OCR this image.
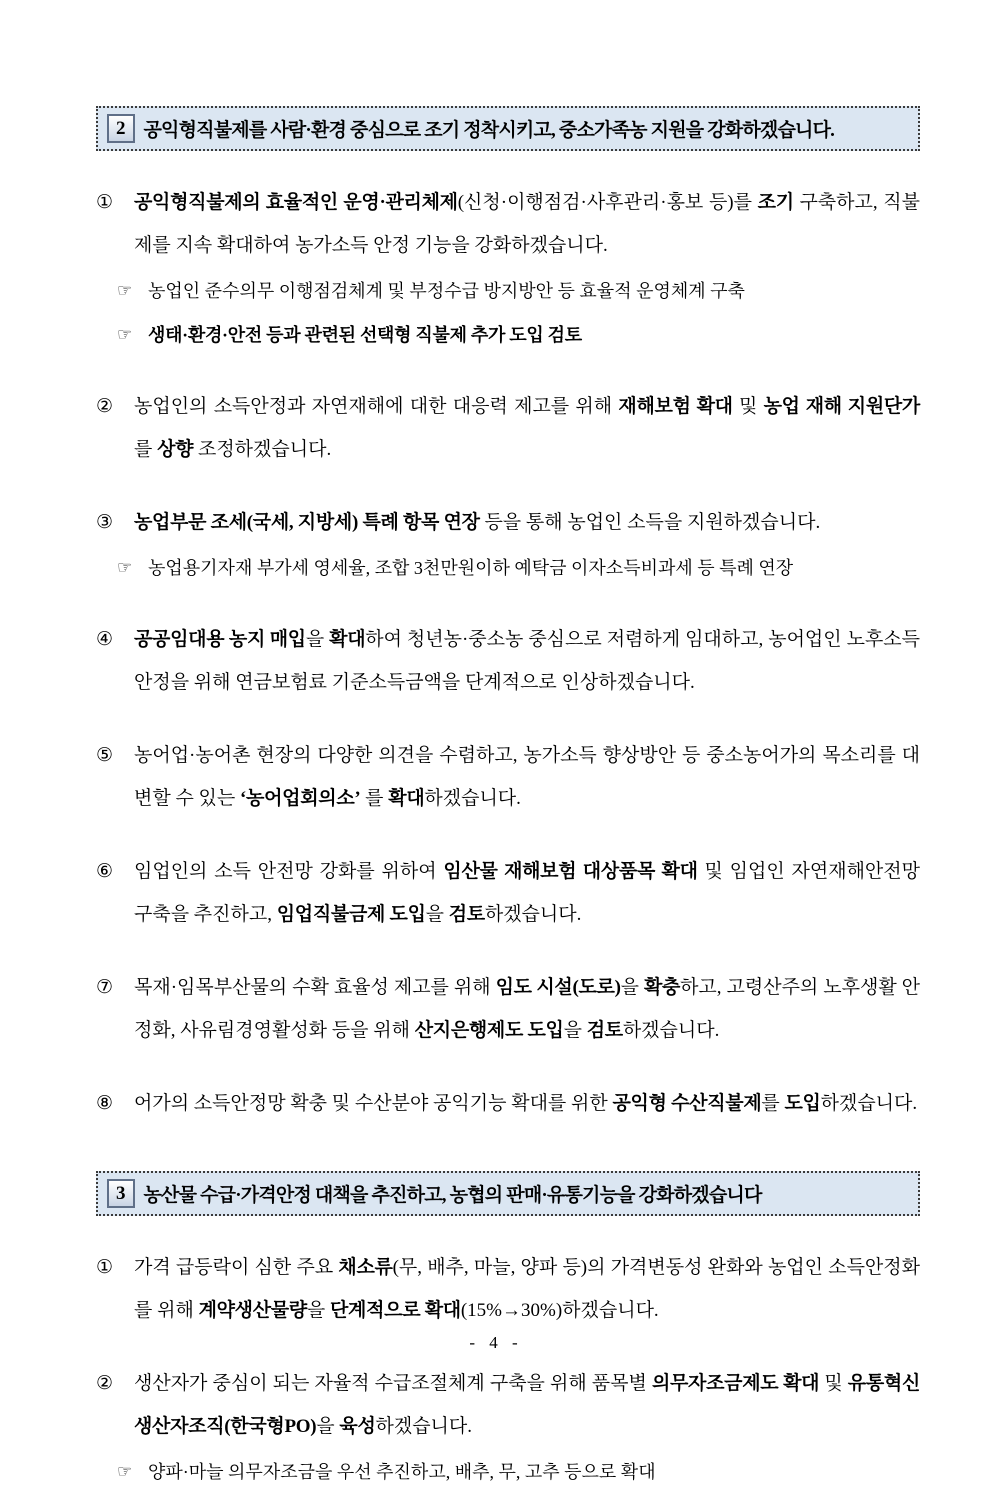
2 공익형직불제를 사람·환경 중심으로 조기 정착시키고, 중소가족농 지원을 강화하겠습니다.
①	공익형직불제의 효율적인 운영·관리체제(신청·이행점검·사후관리·홍보 등)를 조기 구축하고, 직불제를 지속 확대하여 농가소득 안정 기능을 강화하겠습니다.
☞ 농업인 준수의무 이행점검체계 및 부정수급 방지방안 등 효율적 운영체계 구축
☞ 생태·환경·안전 등과 관련된 선택형 직불제 추가 도입 검토
②	농업인의 소득안정과 자연재해에 대한 대응력 제고를 위해 재해보험 확대 및 농업 재해 지원단가를 상향 조정하겠습니다.
③	농업부문 조세(국세, 지방세) 특례 항목 연장 등을 통해 농업인 소득을 지원하겠습니다.
☞ 농업용기자재 부가세 영세율, 조합 3천만원이하 예탁금 이자소득비과세 등 특례 연장
④	공공임대용 농지 매입을 확대하여 청년농·중소농 중심으로 저렴하게 임대하고, 농어업인 노후소득 안정을 위해 연금보험료 기준소득금액을 단계적으로 인상하겠습니다.
⑤	농어업·농어촌 현장의 다양한 의견을 수렴하고, 농가소득 향상방안 등 중소농어가의 목소리를 대변할 수 있는 ‘농어업회의소’ 를 확대하겠습니다.
⑥	임업인의 소득 안전망 강화를 위하여 임산물 재해보험 대상품목 확대 및 임업인 자연재해안전망 구축을 추진하고, 임업직불금제 도입을 검토하겠습니다.
⑦	목재·임목부산물의 수확 효율성 제고를 위해 임도 시설(도로)을 확충하고, 고령산주의 노후생활 안정화, 사유림경영활성화 등을 위해 산지은행제도 도입을 검토하겠습니다.
⑧	어가의 소득안정망 확충 및 수산분야 공익기능 확대를 위한 공익형 수산직불제를 도입하겠습니다.
3 농산물 수급·가격안정 대책을 추진하고, 농협의 판매·유통기능을 강화하겠습니다
①	가격 급등락이 심한 주요 채소류(무, 배추, 마늘, 양파 등)의 가격변동성 완화와 농업인 소득안정화를 위해 계약생산물량을 단계적으로 확대(15%→30%)하겠습니다.
②	생산자가 중심이 되는 자율적 수급조절체계 구축을 위해 품목별 의무자조금제도 확대 및 유통혁신 생산자조직(한국형PO)을 육성하겠습니다.
☞ 양파·마늘 의무자조금을 우선 추진하고, 배추, 무, 고추 등으로 확대
- 4 -
